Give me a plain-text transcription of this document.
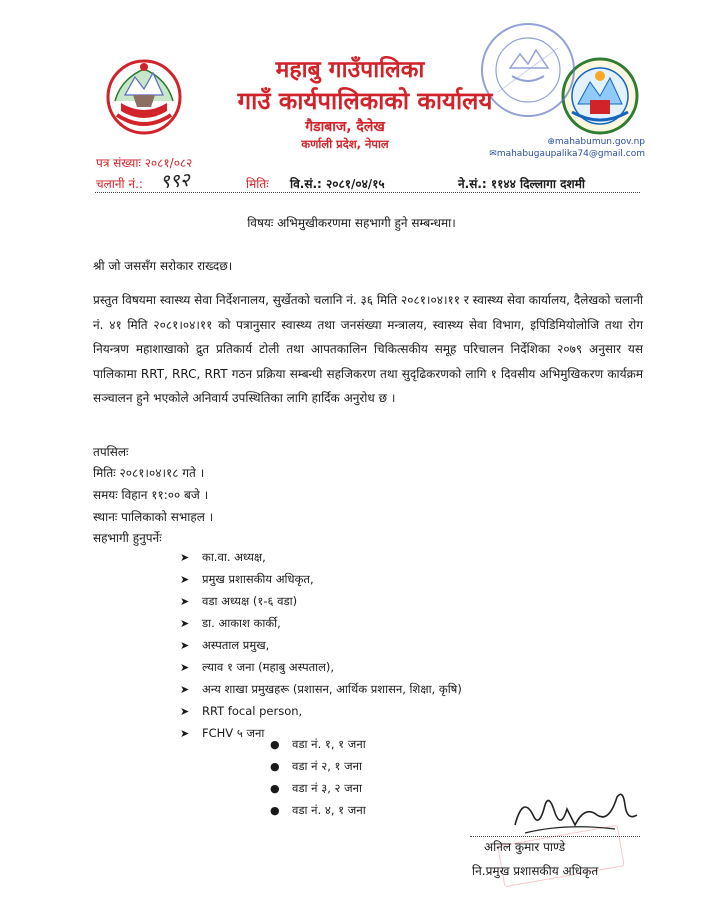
महाबु गाउँपालिका
गाउँ कार्यपालिकाको कार्यालय
गैडाबाज, दैलेख
कर्णाली प्रदेश, नेपाल	⊕mahabumun.gov.np
✉mahabugaupalika74@gmail.com
पत्र संख्याः २०८१/०८२
चलानी नं.: ९९२	मितिः वि.सं.: २०८१/०४/१५	ने.सं.: ११४४ दिल्लागा दशमी
विषयः अभिमुखीकरणमा सहभागी हुने सम्बन्धमा।
श्री जो जससँग सरोकार राख्दछ।
प्रस्तुत विषयमा स्वास्थ्य सेवा निर्देशनालय, सुर्खेतको चलानि नं. ३६ मिति २०८१।०४।११ र स्वास्थ्य सेवा कार्यालय, दैलेखको चलानी नं. ४१ मिति २०८१।०४।११ को पत्रानुसार स्वास्थ्य तथा जनसंख्या मन्त्रालय, स्वास्थ्य सेवा विभाग, इपिडिमियोलोजि तथा रोग नियन्त्रण महाशाखाको द्रुत प्रतिकार्य टोली तथा आपतकालिन चिकित्सकीय समूह परिचालन निर्देशिका २०७९ अनुसार यस पालिकामा RRT, RRC, RRT गठन प्रक्रिया सम्बन्धी सहजिकरण तथा सुदृढिकरणको लागि १ दिवसीय अभिमुखिकरण कार्यक्रम सञ्चालन हुने भएकोले अनिवार्य उपस्थितिका लागि हार्दिक अनुरोध छ ।
तपसिलः
मितिः २०८१।०४।१८ गते ।
समयः विहान ११:०० बजे ।
स्थानः पालिकाको सभाहल ।
सहभागी हुनुपर्नेः
➤ का.वा. अध्यक्ष,
➤ प्रमुख प्रशासकीय अधिकृत,
➤ वडा अध्यक्ष (१-६ वडा)
➤ डा. आकाश कार्की,
➤ अस्पताल प्रमुख,
➤ ल्याव १ जना (महाबु अस्पताल),
➤ अन्य शाखा प्रमुखहरू (प्रशासन, आर्थिक प्रशासन, शिक्षा, कृषि)
➤ RRT focal person,
➤ FCHV ५ जना
● वडा नं. १, १ जना
● वडा नं २, १ जना
● वडा नं ३, २ जना
● वडा नं. ४, १ जना
अनिल कुमार पाण्डे
नि.प्रमुख प्रशासकीय अधिकृत
